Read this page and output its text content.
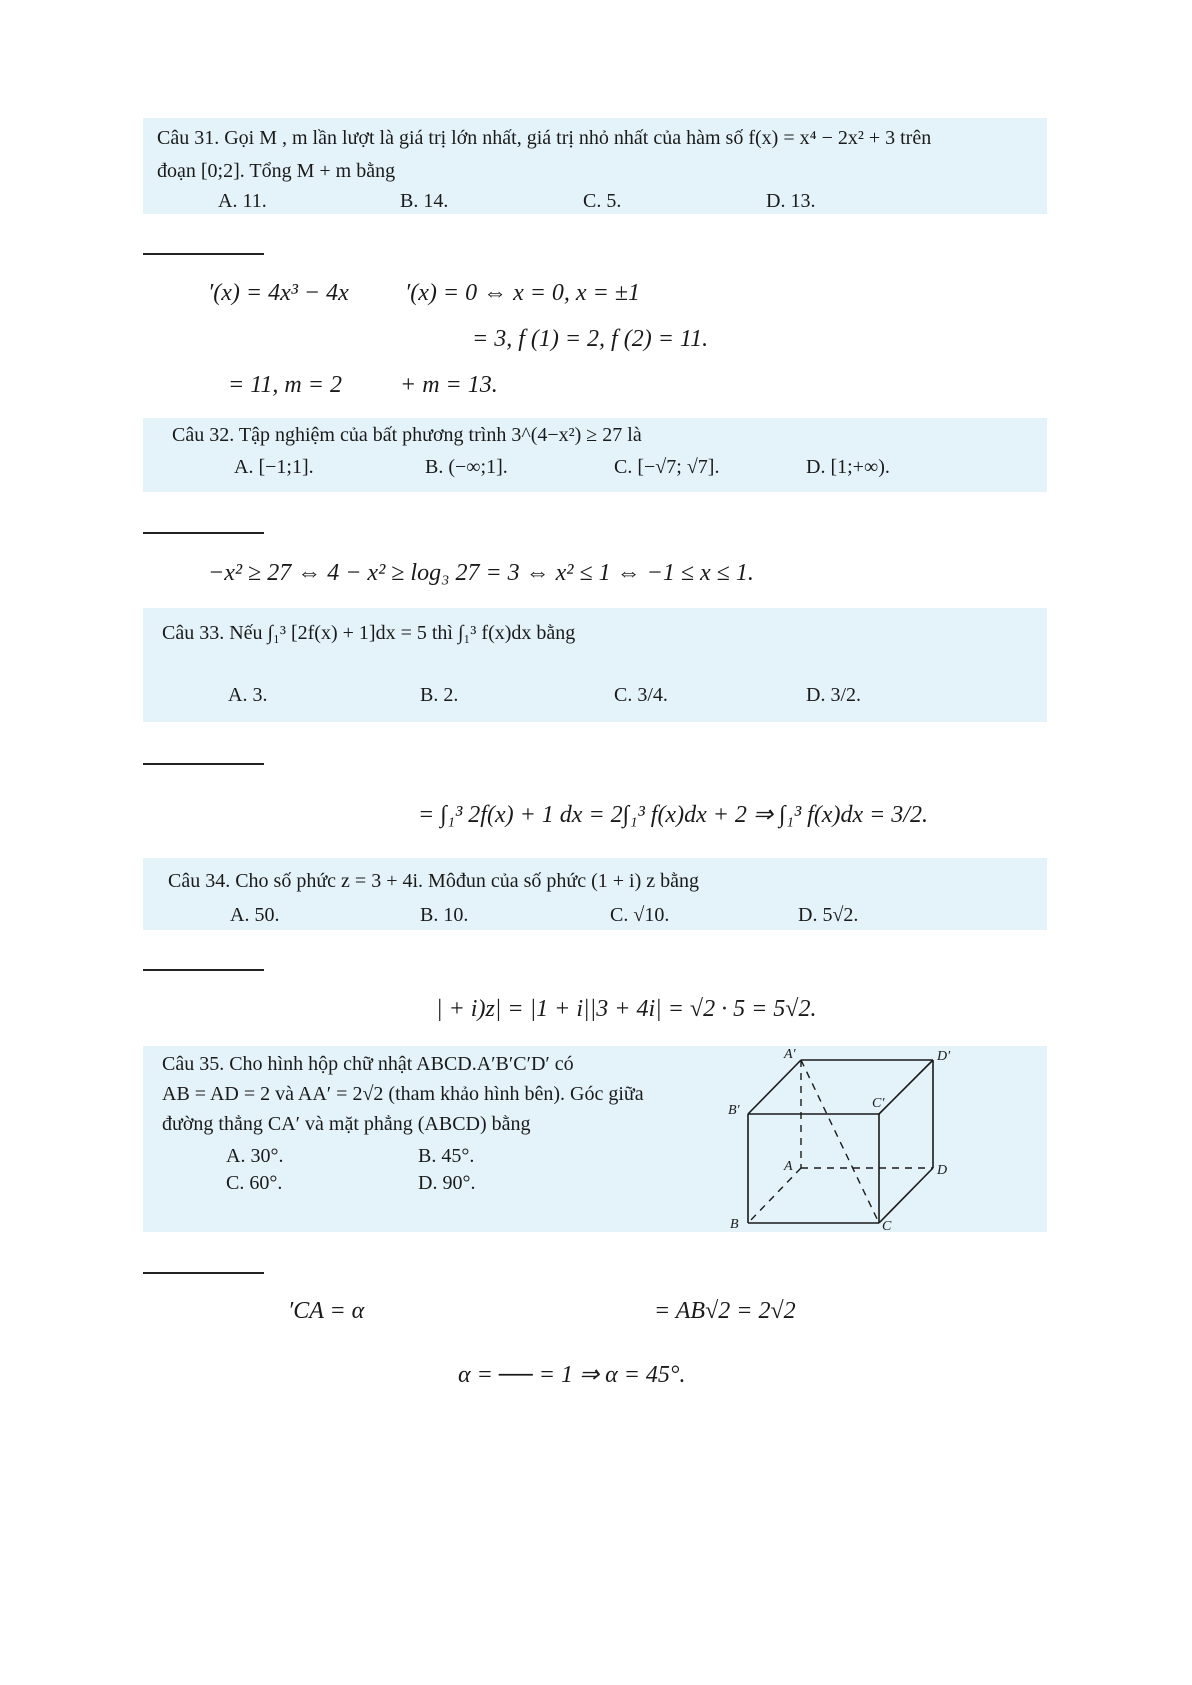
Câu 31. Gọi M , m lần lượt là giá trị lớn nhất, giá trị nhỏ nhất của hàm số f(x) = x⁴ − 2x² + 3 trên
đoạn [0;2]. Tổng M + m bằng
A. 11.	B. 14.	C. 5.	D. 13.
′(x) = 4x³ − 4x ′(x) = 0 ⇔ x = 0, x = ±1
= 3, f (1) = 2, f (2) = 11.
= 11, m = 2 + m = 13.
Câu 32. Tập nghiệm của bất phương trình 3^(4−x²) ≥ 27 là
A. [−1;1].	B. (−∞;1].	C. [−√7; √7].	D. [1;+∞).
−x² ≥ 27 ⇔ 4 − x² ≥ log₃ 27 = 3 ⇔ x² ≤ 1 ⇔ −1 ≤ x ≤ 1.
Câu 33. Nếu ∫₁³ [2f(x) + 1]dx = 5 thì ∫₁³ f(x)dx bằng
A. 3.	B. 2.	C. 3/4.	D. 3/2.
= ∫₁³ 2f(x) + 1 dx = 2∫₁³ f(x)dx + 2 ⇒ ∫₁³ f(x)dx = 3/2.
Câu 34. Cho số phức z = 3 + 4i. Môđun của số phức (1 + i) z bằng
A. 50.	B. 10.	C. √10.	D. 5√2.
| + i)z| = |1 + i||3 + 4i| = √2 · 5 = 5√2.
Câu 35. Cho hình hộp chữ nhật ABCD.A′B′C′D′ có
AB = AD = 2 và AA′ = 2√2 (tham khảo hình bên). Góc giữa
đường thẳng CA′ và mặt phẳng (ABCD) bằng
A. 30°.	B. 45°.
C. 60°.	D. 90°.
A′	D′
B′	C′
A	D
B	C
′CA = α	= AB√2 = 2√2
α = ── = 1 ⇒ α = 45°.
